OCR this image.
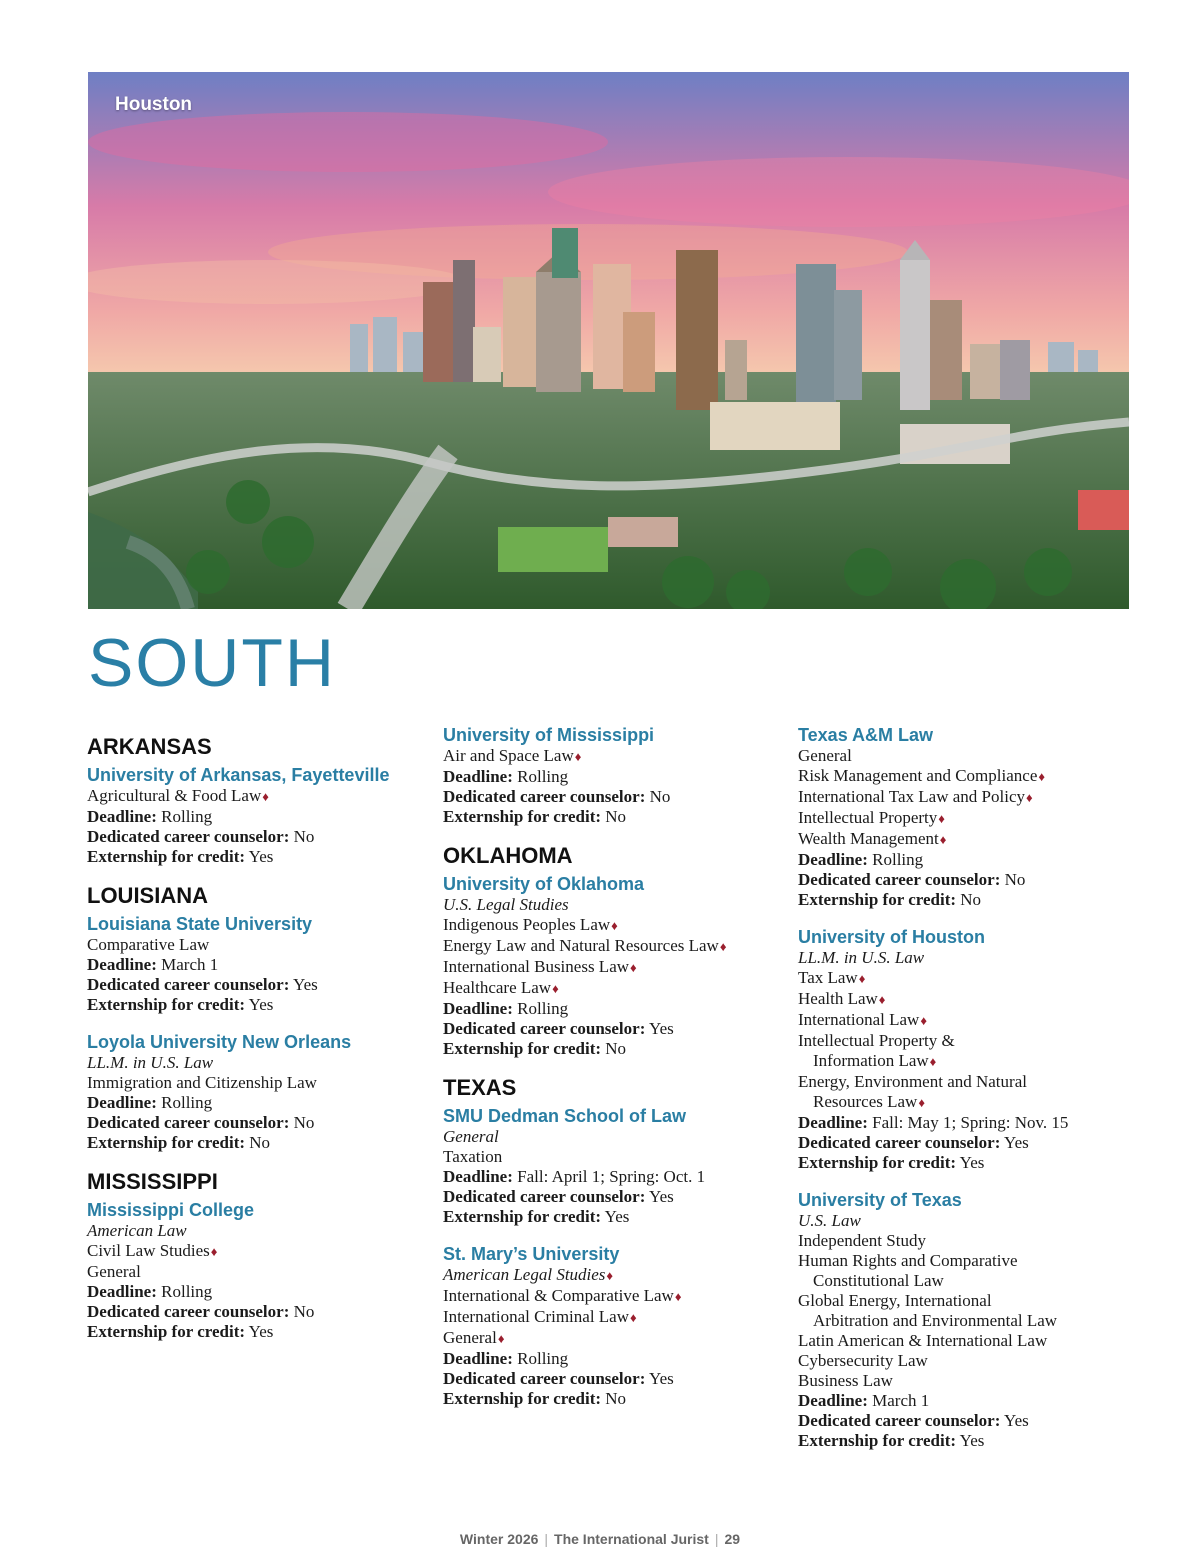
Houston
SOUTH
ARKANSAS
University of Arkansas, Fayetteville
Agricultural & Food Law♦
Deadline: Rolling
Dedicated career counselor: No
Externship for credit: Yes
LOUISIANA
Louisiana State University
Comparative Law
Deadline: March 1
Dedicated career counselor: Yes
Externship for credit: Yes
Loyola University New Orleans
LL.M. in U.S. Law
Immigration and Citizenship Law
Deadline: Rolling
Dedicated career counselor: No
Externship for credit: No
MISSISSIPPI
Mississippi College
American Law
Civil Law Studies♦
General
Deadline: Rolling
Dedicated career counselor: No
Externship for credit: Yes
University of Mississippi
Air and Space Law♦
Deadline: Rolling
Dedicated career counselor: No
Externship for credit: No
OKLAHOMA
University of Oklahoma
U.S. Legal Studies
Indigenous Peoples Law♦
Energy Law and Natural Resources Law♦
International Business Law♦
Healthcare Law♦
Deadline: Rolling
Dedicated career counselor: Yes
Externship for credit: No
TEXAS
SMU Dedman School of Law
General
Taxation
Deadline: Fall: April 1; Spring: Oct. 1
Dedicated career counselor: Yes
Externship for credit: Yes
St. Mary’s University
American Legal Studies♦
International & Comparative Law♦
International Criminal Law♦
General♦
Deadline: Rolling
Dedicated career counselor: Yes
Externship for credit: No
Texas A&M Law
General
Risk Management and Compliance♦
International Tax Law and Policy♦
Intellectual Property♦
Wealth Management♦
Deadline: Rolling
Dedicated career counselor: No
Externship for credit: No
University of Houston
LL.M. in U.S. Law
Tax Law♦
Health Law♦
International Law♦
Intellectual Property &
Information Law♦
Energy, Environment and Natural
Resources Law♦
Deadline: Fall: May 1; Spring: Nov. 15
Dedicated career counselor: Yes
Externship for credit: Yes
University of Texas
U.S. Law
Independent Study
Human Rights and Comparative
Constitutional Law
Global Energy, International
Arbitration and Environmental Law
Latin American & International Law
Cybersecurity Law
Business Law
Deadline: March 1
Dedicated career counselor: Yes
Externship for credit: Yes
Winter 2026 | The International Jurist | 29
